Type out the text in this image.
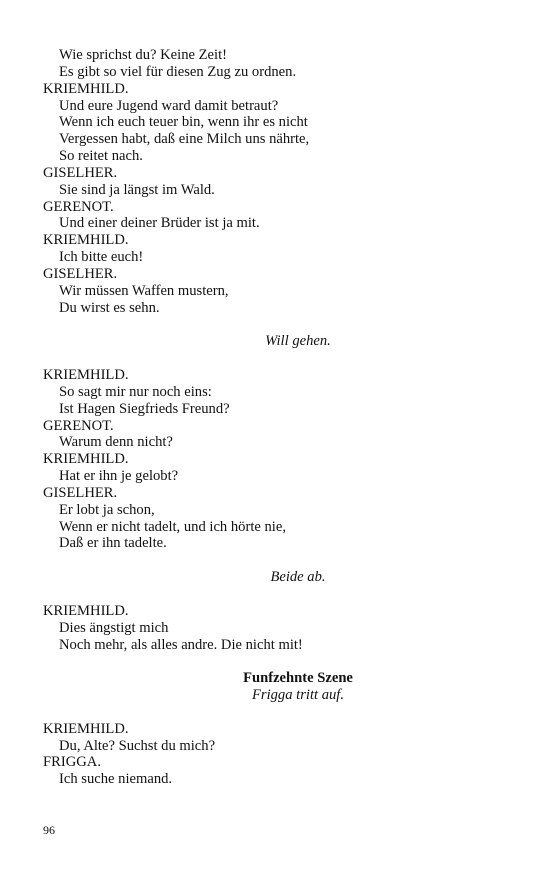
Wie sprichst du? Keine Zeit!
Es gibt so viel für diesen Zug zu ordnen.
KRIEMHILD.
Und eure Jugend ward damit betraut?
Wenn ich euch teuer bin, wenn ihr es nicht
Vergessen habt, daß eine Milch uns nährte,
So reitet nach.
GISELHER.
Sie sind ja längst im Wald.
GERENOT.
Und einer deiner Brüder ist ja mit.
KRIEMHILD.
Ich bitte euch!
GISELHER.
Wir müssen Waffen mustern,
Du wirst es sehn.
Will gehen.
KRIEMHILD.
So sagt mir nur noch eins:
Ist Hagen Siegfrieds Freund?
GERENOT.
Warum denn nicht?
KRIEMHILD.
Hat er ihn je gelobt?
GISELHER.
Er lobt ja schon,
Wenn er nicht tadelt, und ich hörte nie,
Daß er ihn tadelte.
Beide ab.
KRIEMHILD.
Dies ängstigt mich
Noch mehr, als alles andre. Die nicht mit!
Funfzehnte Szene
Frigga tritt auf.
KRIEMHILD.
Du, Alte? Suchst du mich?
FRIGGA.
Ich suche niemand.
96
